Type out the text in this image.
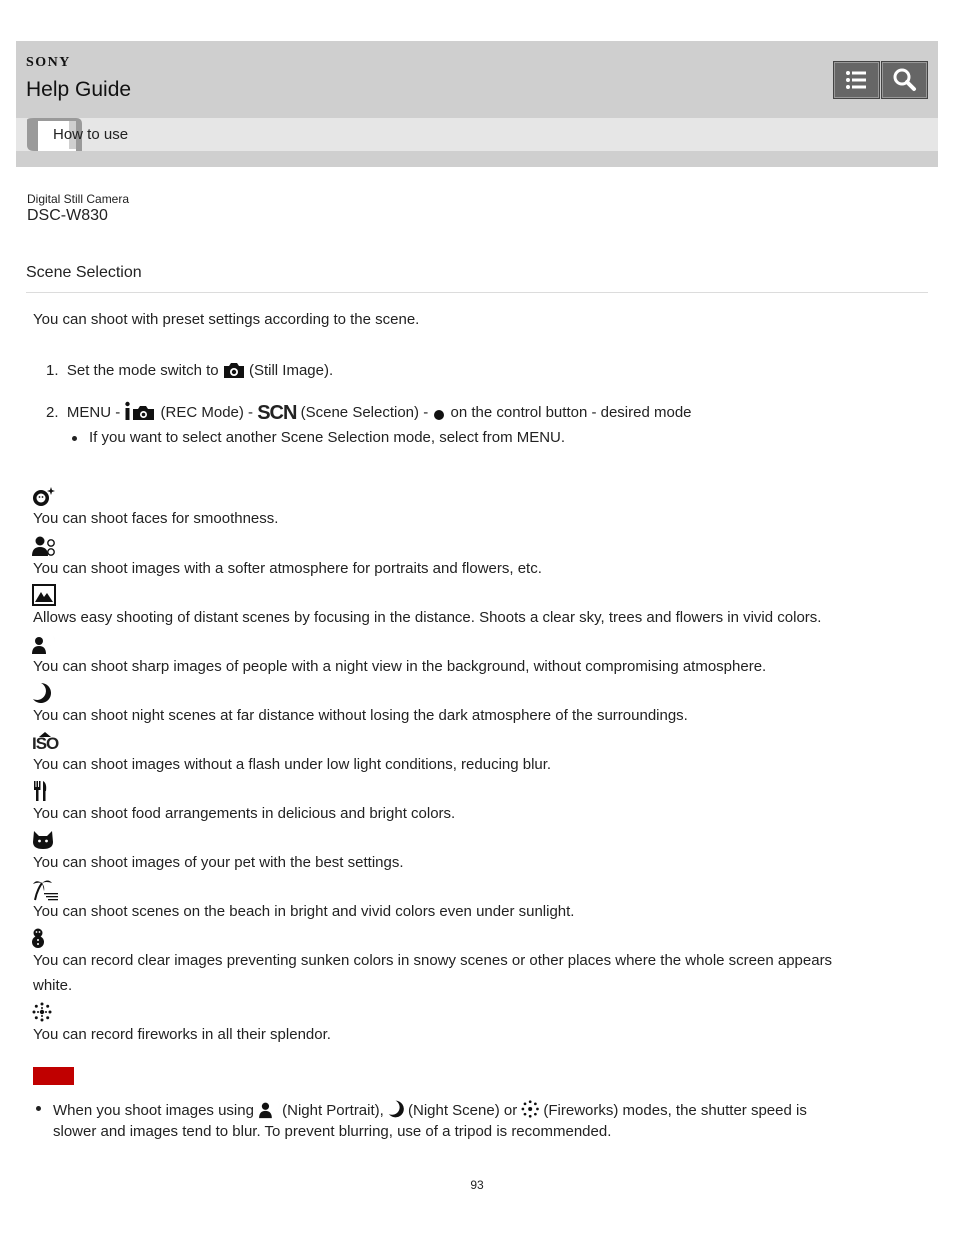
SONY
Help Guide
How to use
Digital Still Camera
DSC-W830
Scene Selection
You can shoot with preset settings according to the scene.
1. Set the mode switch to (Still Image).
2. MENU -	(REC Mode) - SCN (Scene Selection) - on the control button - desired mode
If you want to select another Scene Selection mode, select from MENU.
You can shoot faces for smoothness.
You can shoot images with a softer atmosphere for portraits and flowers, etc.
Allows easy shooting of distant scenes by focusing in the distance. Shoots a clear sky, trees and flowers in vivid colors.
You can shoot sharp images of people with a night view in the background, without compromising atmosphere.
You can shoot night scenes at far distance without losing the dark atmosphere of the surroundings.
ISO
You can shoot images without a flash under low light conditions, reducing blur.
You can shoot food arrangements in delicious and bright colors.
You can shoot images of your pet with the best settings.
You can shoot scenes on the beach in bright and vivid colors even under sunlight.
You can record clear images preventing sunken colors in snowy scenes or other places where the whole screen appears
white.
You can record fireworks in all their splendor.
When you shoot images using (Night Portrait), (Night Scene) or (Fireworks) modes, the shutter speed is
slower and images tend to blur. To prevent blurring, use of a tripod is recommended.
93
